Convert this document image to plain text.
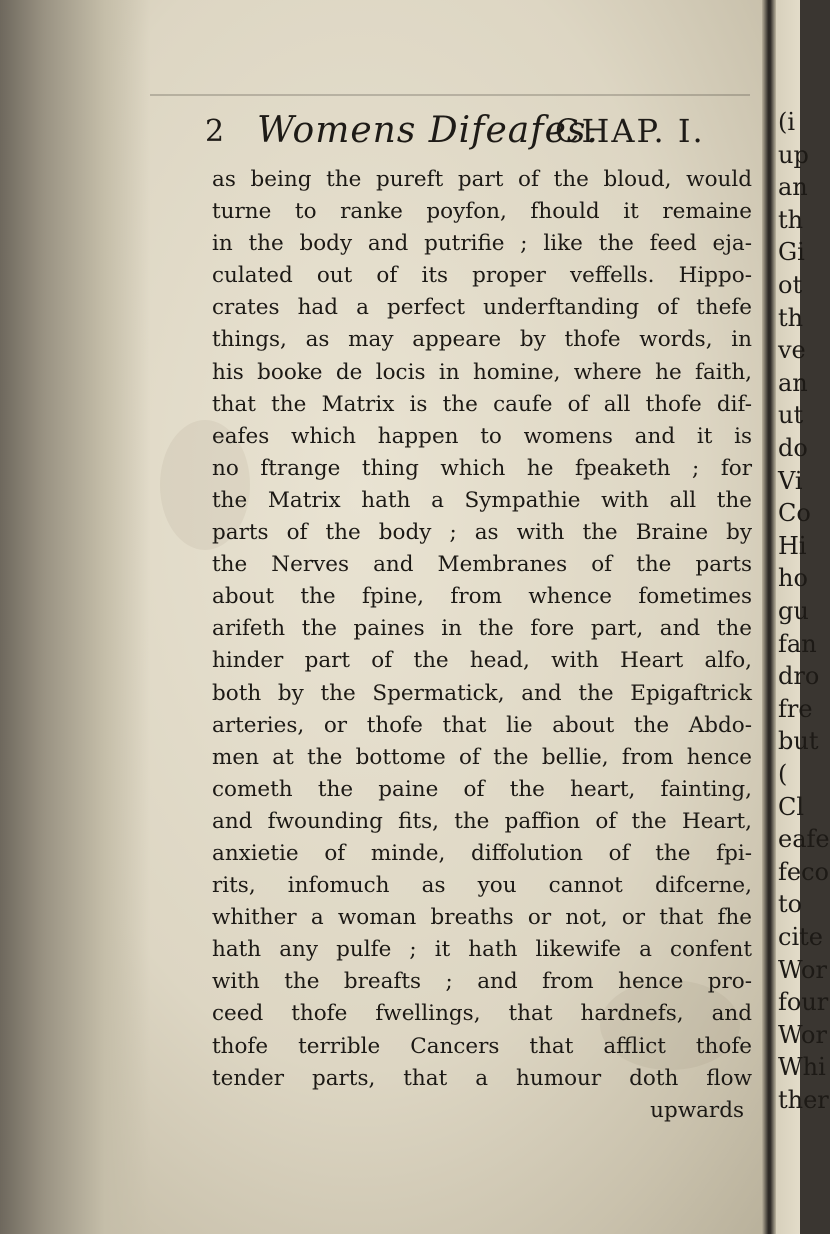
2 Womens Difeafes.
CHAP. I.
as being the pureft part of the bloud, would
turne to ranke poyfon, fhould it remaine
in the body and putrifie ; like the feed eja-
culated out of its proper veffells. Hippo-
crates had a perfect underftanding of thefe
things, as may appeare by thofe words, in
his booke de locis in homine, where he faith,
that the Matrix is the caufe of all thofe dif-
eafes which happen to womens and it is
no ftrange thing which he fpeaketh ; for
the Matrix hath a Sympathie with all the
parts of the body ; as with the Braine by
the Nerves and Membranes of the parts
about the fpine, from whence fometimes
arifeth the paines in the fore part, and the
hinder part of the head, with Heart alfo,
both by the Spermatick, and the Epigaftrick
arteries, or thofe that lie about the Abdo-
men at the bottome of the bellie, from hence
cometh the paine of the heart, fainting,
and fwounding fits, the paffion of the Heart,
anxietie of minde, diffolution of the fpi-
rits, infomuch as you cannot difcerne,
whither a woman breaths or not, or that fhe
hath any pulfe ; it hath likewife a confent
with the breafts ; and from hence pro-
ceed thofe fwellings, that hardnefs, and
thofe terrible Cancers that afflict thofe
tender parts, that a humour doth flow
upwards
(i
up
an
th
Gi
ot
th
ve
an
ut
do
Vi
Co
Hi
ho
gu
fan
dro
fre
but
(
Cl
eafe
feco
to
cite
Wor
four
Wor
Whi
ther
